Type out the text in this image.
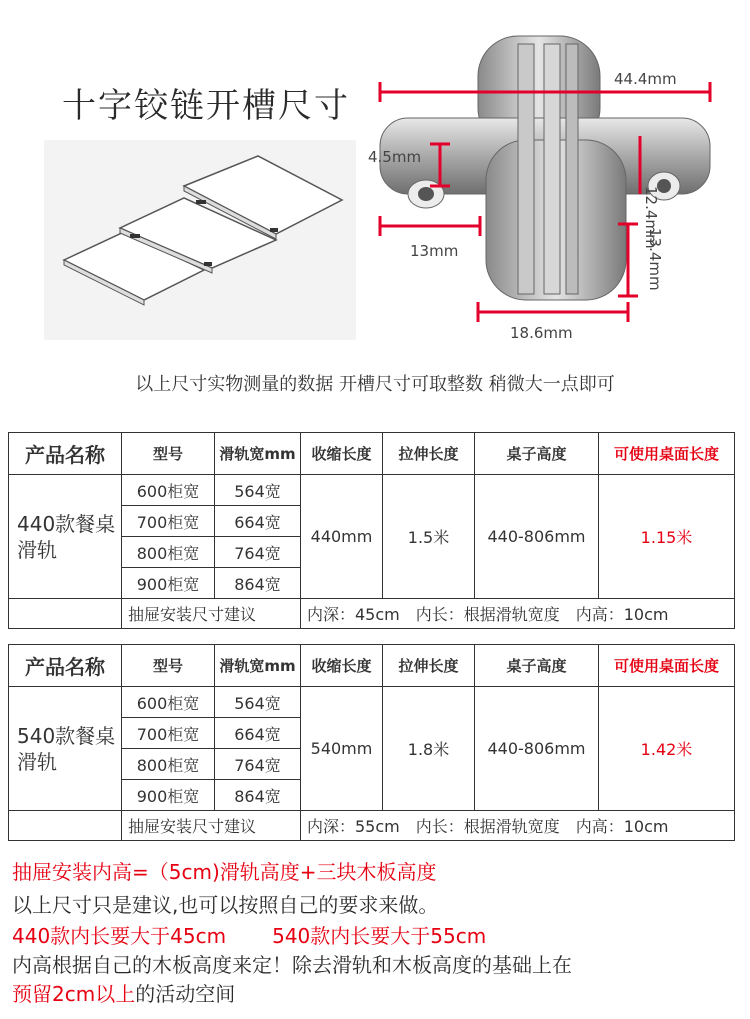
十字铰链开槽尺寸
44.4mm
4.5mm
12.4mm
13mm	13.4mm
18.6mm
以上尺寸实物测量的数据 开槽尺寸可取整数 稍微大一点即可
产品名称	型号	滑轨宽mm	收缩长度	拉伸长度	桌子高度	可使用桌面长度
440款餐桌滑轨	600柜宽	564宽	440mm	1.5米	440-806mm	1.15米
	700柜宽	664宽				
	800柜宽	764宽				
	900柜宽	864宽				
	抽屉安装尺寸建议		内深：45cm　内长：根据滑轨宽度　内高：10cm			
产品名称	型号	滑轨宽mm	收缩长度	拉伸长度	桌子高度	可使用桌面长度
540款餐桌滑轨	600柜宽	564宽	540mm	1.8米	440-806mm	1.42米
	700柜宽	664宽				
	800柜宽	764宽				
	900柜宽	864宽				
	抽屉安装尺寸建议		内深：55cm　内长：根据滑轨宽度　内高：10cm			
抽屉安装内高=（5cm)滑轨高度+三块木板高度
以上尺寸只是建议,也可以按照自己的要求来做。
440款内长要大于45cm 540款内长要大于55cm
内高根据自己的木板高度来定！除去滑轨和木板高度的基础上在
预留2cm以上的活动空间
